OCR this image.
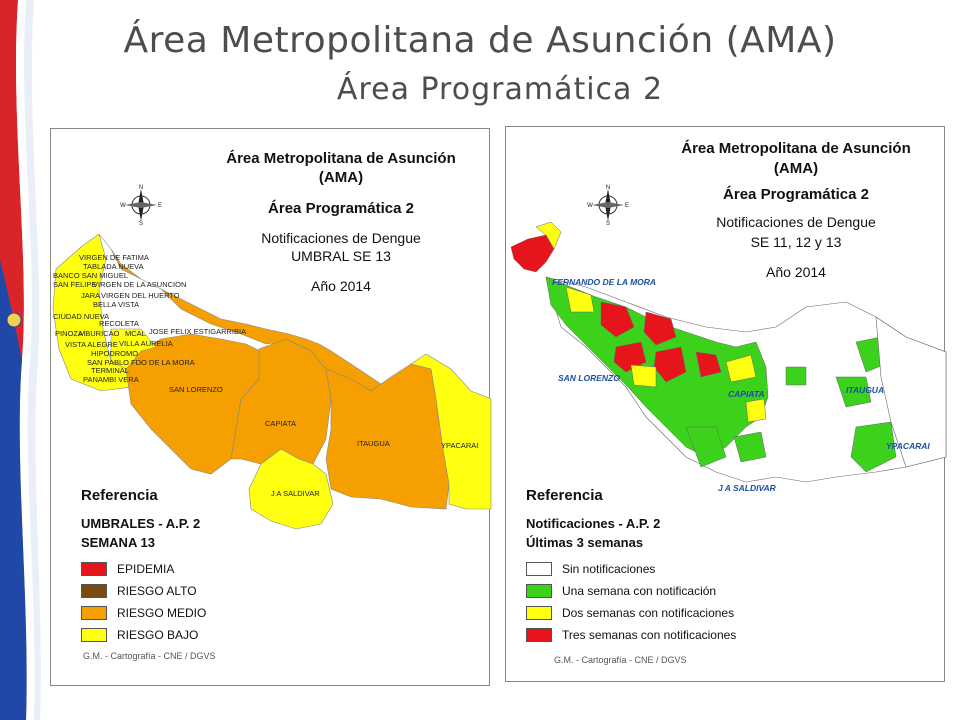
Área Metropolitana de Asunción (AMA)
Área Programática 2
Área Metropolitana de Asunción
(AMA)
Área Programática 2
Notificaciones de Dengue
UMBRAL SE 13
Año 2014
N
S
E
W
VIRGEN DE FATIMA
TABLADA NUEVA
BANCO SAN MIGUEL
SAN FELIPE
VIRGEN DE LA ASUNCION
JARA VIRGEN DEL HUERTO
BELLA VISTA
CIUDAD NUEVA
RECOLETA
PINOZA
MBURICAO MCAL JOSE FELIX ESTIGARRIBIA
VISTA ALEGRE VILLA AURELIA
HIPODROMO
SAN PABLO FDO DE LA MORA
TERMINAL
PANAMBI VERA
SAN LORENZO
CAPIATA
ITAUGUA	YPACARAI
J A SALDIVAR
Referencia
UMBRALES - A.P. 2
SEMANA 13
EPIDEMIA
RIESGO ALTO
RIESGO MEDIO
RIESGO BAJO
G.M. - Cartografía - CNE / DGVS
Área Metropolitana de Asunción
(AMA)
Área Programática 2
Notificaciones de Dengue
SE 11, 12 y 13
Año 2014
N
S
E
W
FERNANDO DE LA MORA
SAN LORENZO
CAPIATA	ITAUGUA
YPACARAI
J A SALDIVAR
Referencia
Notificaciones - A.P. 2
Últimas 3 semanas
Sin notificaciones
Una semana con notificación
Dos semanas con notificaciones
Tres semanas con notificaciones
G.M. - Cartografía - CNE / DGVS
